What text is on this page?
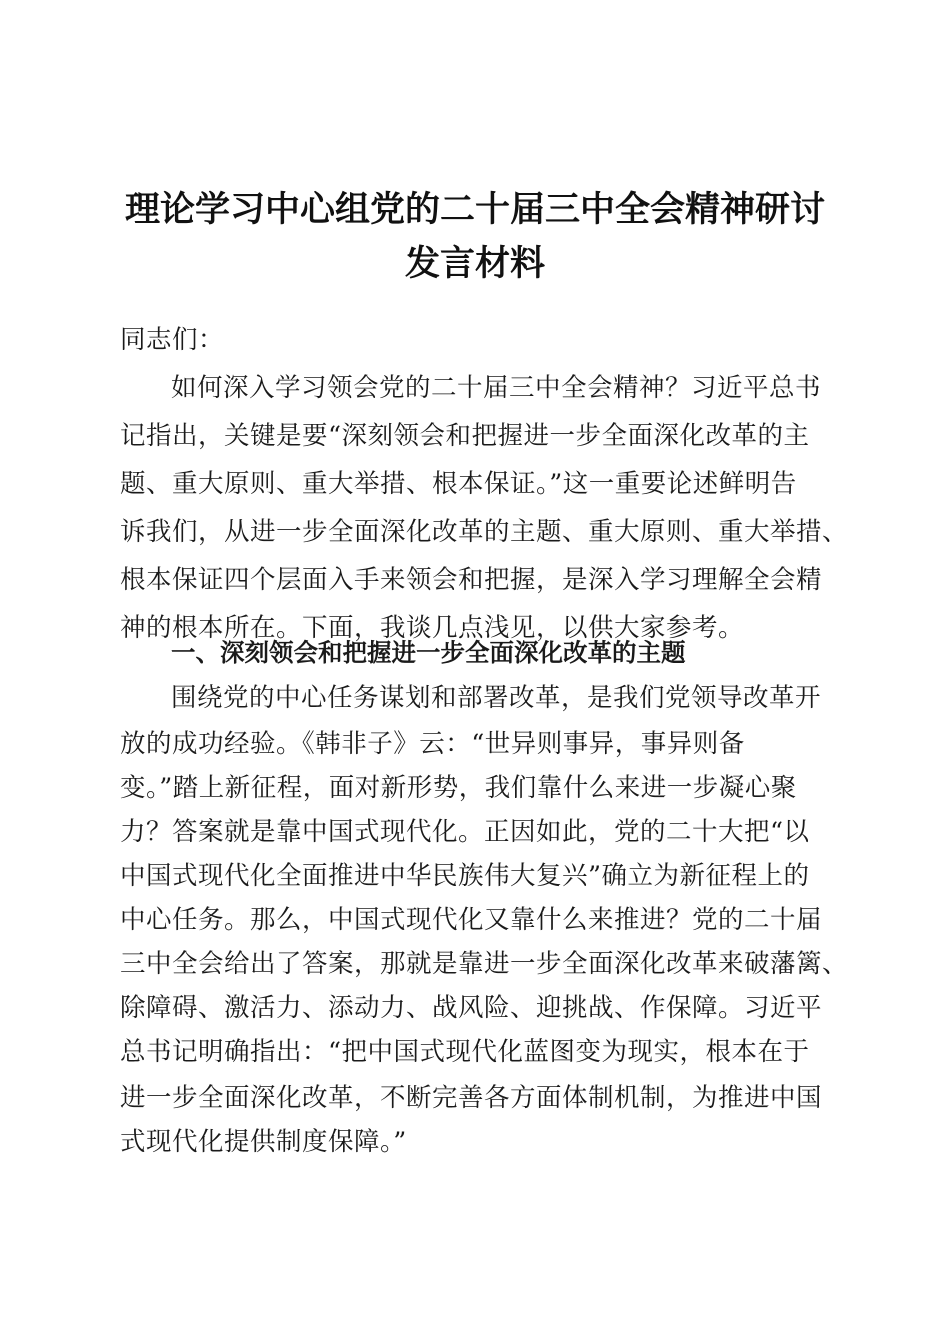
理论学习中心组党的二十届三中全会精神研讨
发言材料
同志们：
如何深入学习领会党的二十届三中全会精神？习近平总书
记指出，关键是要“深刻领会和把握进一步全面深化改革的主
题、重大原则、重大举措、根本保证。”这一重要论述鲜明告
诉我们，从进一步全面深化改革的主题、重大原则、重大举措、
根本保证四个层面入手来领会和把握，是深入学习理解全会精
神的根本所在。下面，我谈几点浅见，以供大家参考。
一、深刻领会和把握进一步全面深化改革的主题
围绕党的中心任务谋划和部署改革，是我们党领导改革开
放的成功经验。《韩非子》云：“世异则事异，事异则备
变。”踏上新征程，面对新形势，我们靠什么来进一步凝心聚
力？答案就是靠中国式现代化。正因如此，党的二十大把“以
中国式现代化全面推进中华民族伟大复兴”确立为新征程上的
中心任务。那么，中国式现代化又靠什么来推进？党的二十届
三中全会给出了答案，那就是靠进一步全面深化改革来破藩篱、
除障碍、激活力、添动力、战风险、迎挑战、作保障。习近平
总书记明确指出：“把中国式现代化蓝图变为现实，根本在于
进一步全面深化改革，不断完善各方面体制机制，为推进中国
式现代化提供制度保障。”
